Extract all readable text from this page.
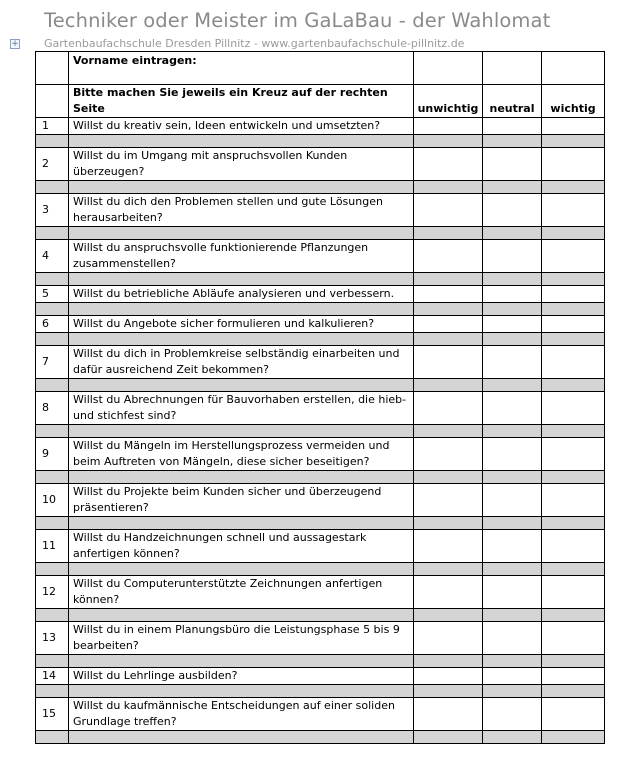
Techniker oder Meister im GaLaBau - der Wahlomat
+ Gartenbaufachschule Dresden Pillnitz - www.gartenbaufachschule-pillnitz.de
	Vorname eintragen:			
	Bitte machen Sie jeweils ein Kreuz auf der rechten Seite	unwichtig	neutral	wichtig
1	Willst du kreativ sein, Ideen entwickeln und umsetzten?			

2	Willst du im Umgang mit anspruchsvollen Kunden überzeugen?			

3	Willst du dich den Problemen stellen und gute Lösungen herausarbeiten?			

4	Willst du anspruchsvolle funktionierende Pflanzungen zusammenstellen?			

5	Willst du betriebliche Abläufe analysieren und verbessern.			

6	Willst du Angebote sicher formulieren und kalkulieren?			

7	Willst du dich in Problemkreise selbständig einarbeiten und dafür ausreichend Zeit bekommen?			

8	Willst du Abrechnungen für Bauvorhaben erstellen, die hieb- und stichfest sind?			

9	Willst du Mängeln im Herstellungsprozess vermeiden und beim Auftreten von Mängeln, diese sicher beseitigen?			

10	Willst du Projekte beim Kunden sicher und überzeugend präsentieren?			

11	Willst du Handzeichnungen schnell und aussagestark anfertigen können?			

12	Willst du Computerunterstützte Zeichnungen anfertigen können?			

13	Willst du in einem Planungsbüro die Leistungsphase 5 bis 9 bearbeiten?			

14	Willst du Lehrlinge ausbilden?			

15	Willst du kaufmännische Entscheidungen auf einer soliden Grundlage treffen?			
